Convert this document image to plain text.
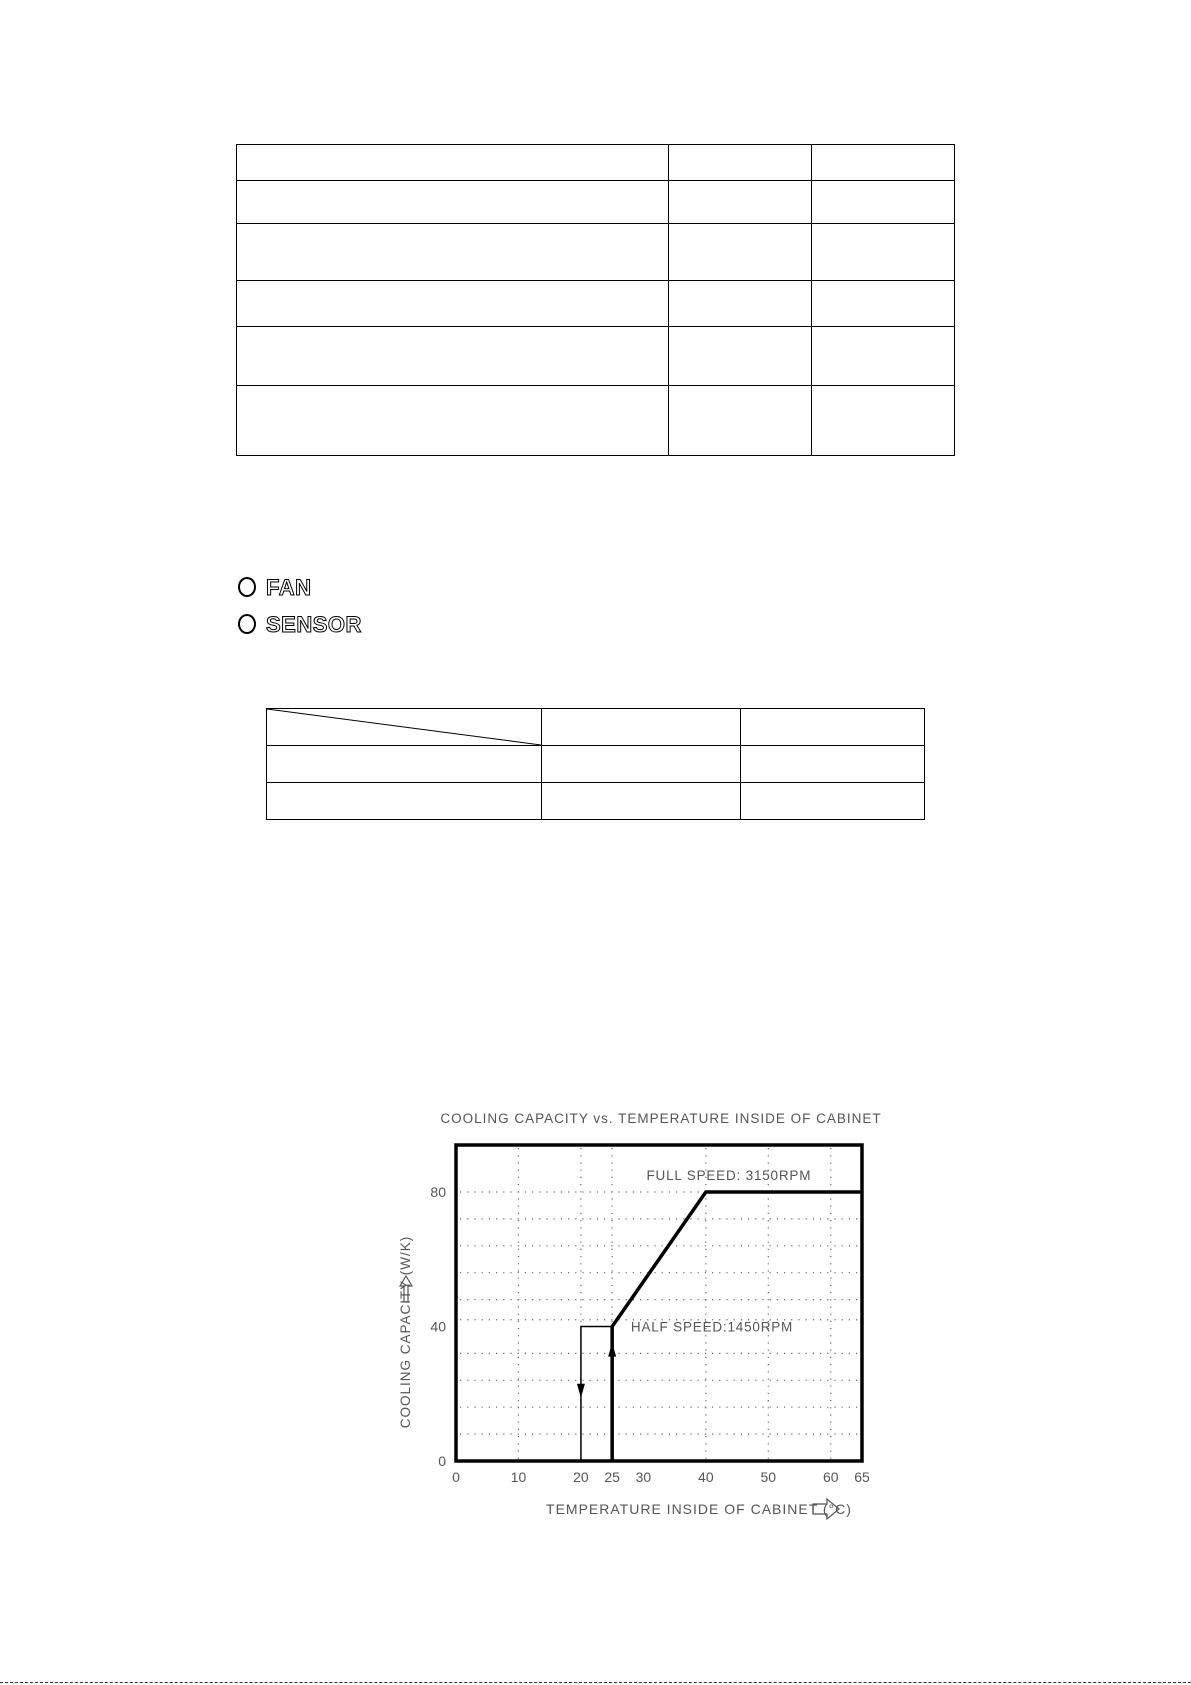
FAN
SENSOR

COOLING CAPACITY vs. TEMPERATURE INSIDE OF CABINET
COOLING CAPACITY (W/K)
TEMPERATURE INSIDE OF CABINET (°C)
0	10	20 25 30	40	50	60 65
0
40
80
FULL SPEED: 3150RPM
HALF SPEED:1450RPM
